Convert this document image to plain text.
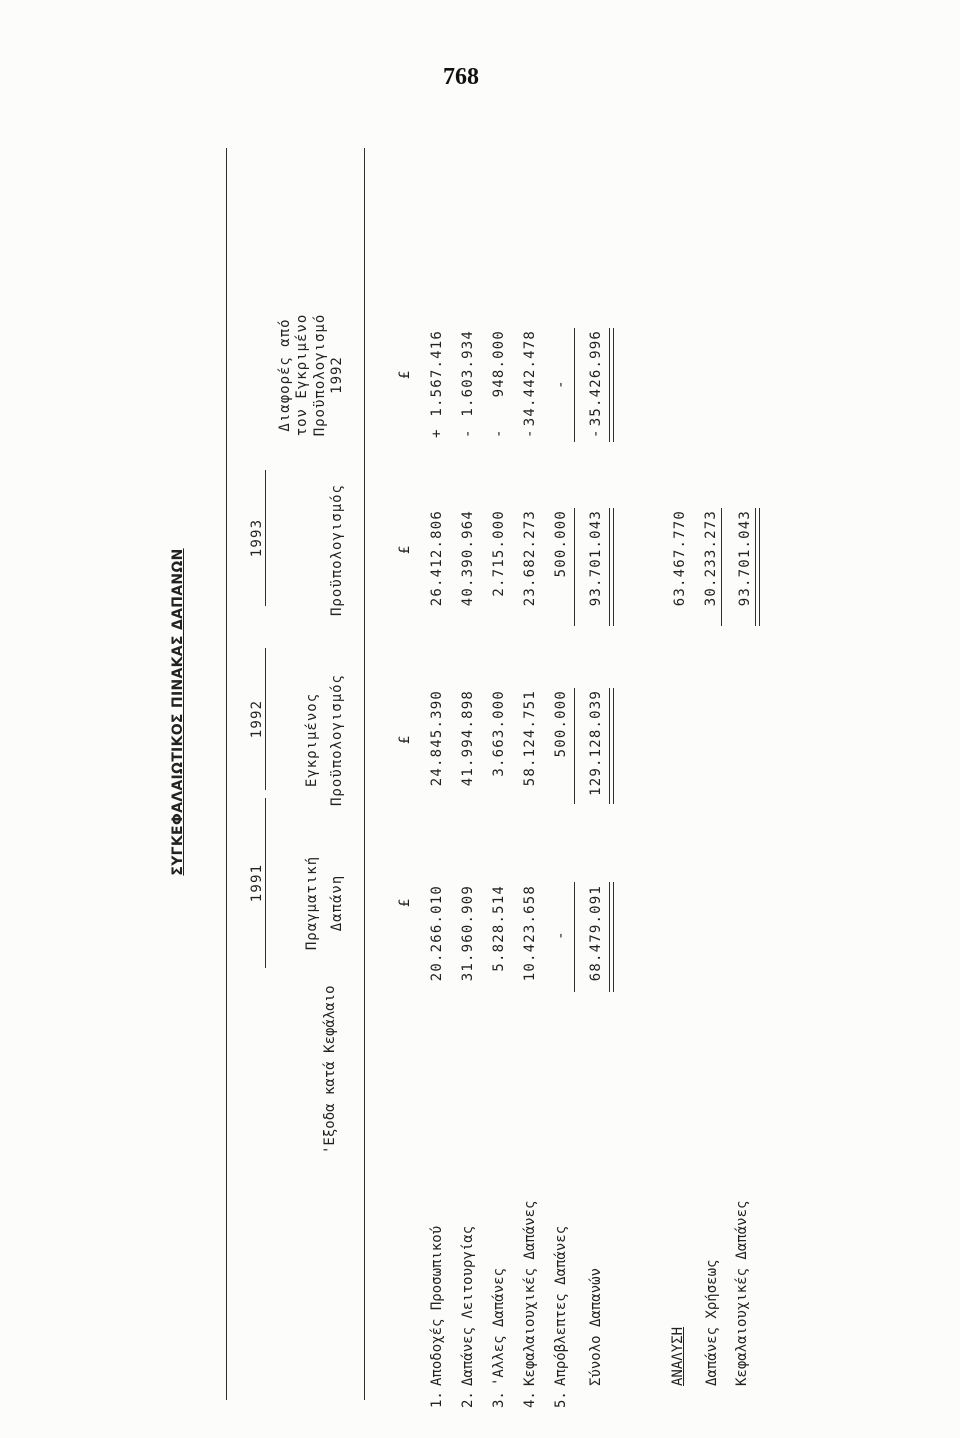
768
ΣΥΓΚΕΦΑΛΑΙΩΤΙΚΟΣ ΠΙΝΑΚΑΣ ΔΑΠΑΝΩΝ
'Εξοδα κατά Κεφάλαιο
1991
1992
1993
Πραγματική Δαπάνη
Εγκριμένος Προϋπολογισμός
Προϋπολογισμός
Διαφορές από τον Εγκριμένο Προϋπολογισμό 1992
£
£
£
£
1.
Αποδοχές Προσωπικού
20.266.010
24.845.390
26.412.806
+
1.567.416
2.
Δαπάνες Λειτουργίας
31.960.909
41.994.898
40.390.964
-
1.603.934
3.
'Αλλες Δαπάνες
5.828.514
3.663.000
2.715.000
-
948.000
4.
Κεφαλαιουχικές Δαπάνες
10.423.658
58.124.751
23.682.273
-
34.442.478
5.
Απρόβλεπτες Δαπάνες
-
500.000
500.000
-
Σύνολο Δαπανών
68.479.091
129.128.039
93.701.043
-
35.426.996
ΑΝΑΛΥΣΗ Δαπάνες Χρήσεως Κεφαλαιουχικές Δαπάνες
63.467.770 30.233.273 93.701.043
